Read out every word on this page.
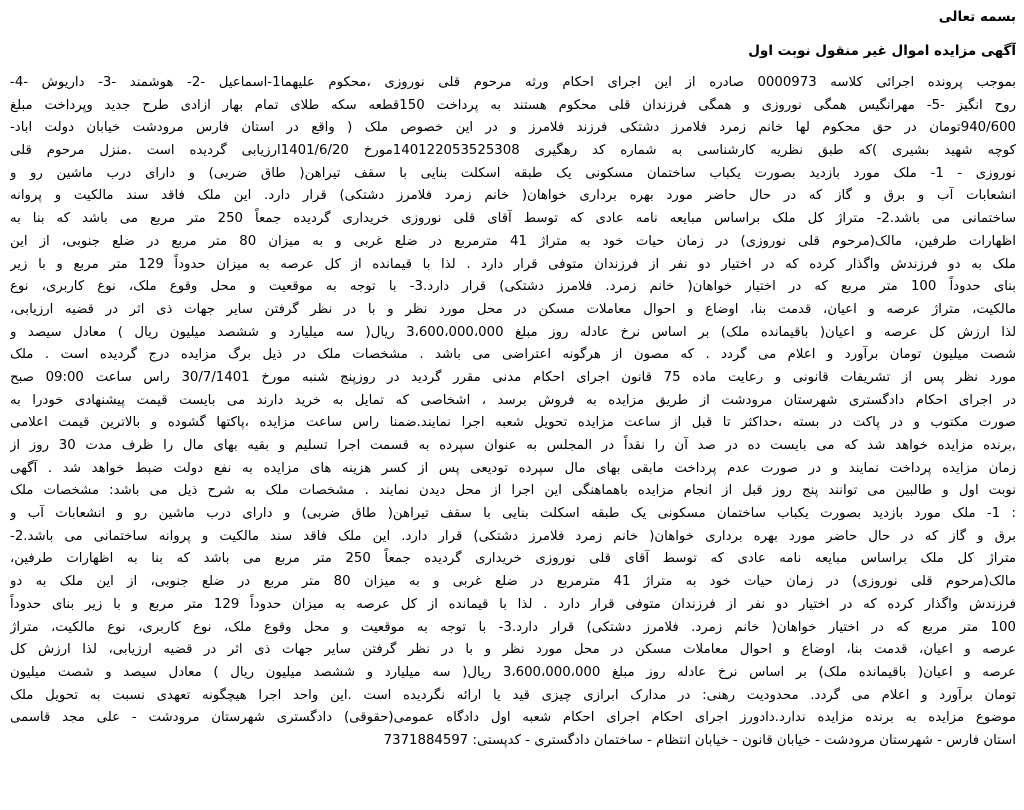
بسمه تعالی
آگهی مزایده اموال غیر منقول نوبت اول
بموجب پرونده اجرائی کلاسه 0000973 صادره از این اجرای احکام ورثه مرحوم قلی نوروزی ،محکوم علیهما1-اسماعیل -2- هوشمند -3- داریوش -4-
روح انگیز -5- مهرانگیس همگی نوروزی و همگی فرزندان قلی محکوم هستند به پرداخت 150قطعه سکه طلای تمام بهار ازادی طرح جدید وپرداخت مبلغ
940/600تومان در حق محکوم لها خانم زمرد فلامرز دشتکی فرزند فلامرز و در این خصوص ملک ( واقع در استان فارس مرودشت خیابان دولت اباد-
کوچه شهید بشیری )که طبق نظریه کارشناسی به شماره کد رهگیری 140122053525308مورخ 1401/6/20ارزیابی گردیده است .منزل مرحوم قلی
نوروزی - 1- ملک مورد بازدید بصورت یکباب ساختمان مسکونی یک طبقه اسکلت بنایی با سقف تیراهن( طاق ضربی) و دارای درب ماشین رو و
انشعابات آب و برق و گاز که در حال حاضر مورد بهره برداری خواهان( خانم زمرد فلامرز دشتکی) قرار دارد. این ملک فاقد سند مالکیت و پروانه
ساختمانی می باشد.2- متراژ کل ملک براساس مبایعه نامه عادی که توسط آقای قلی نوروزی خریداری گردیده جمعاً 250 متر مربع می باشد که بنا به
اظهارات طرفین، مالک(مرحوم قلی نوروزی) در زمان حیات خود به متراژ 41 مترمربع در ضلع غربی و به میزان 80 متر مربع در ضلع جنوبی، از این
ملک به دو فرزندش واگذار کرده که در اختیار دو نفر از فرزندان متوفی قرار دارد . لذا با قیمانده از کل عرصه به میزان حدوداً 129 متر مربع و با زیر
بنای حدوداً 100 متر مربع که در اختیار خواهان( خانم زمرد. فلامرز دشتکی) قرار دارد.3- با توجه به موقعیت و محل وقوع ملک، نوع کاربری، نوع
مالکیت، متراژ عرصه و اعیان، قدمت بنا، اوضاع و احوال معاملات مسکن در محل مورد نظر و با در نظر گرفتن سایر جهات ذی اثر در قضیه ارزیابی،
لذا ارزش کل عرصه و اعیان( باقیمانده ملک) بر اساس نرخ عادله روز مبلغ 3،600،000،000 ریال( سه میلیارد و ششصد میلیون ریال ) معادل سیصد و
شصت میلیون تومان برآورد و اعلام می گردد . که مصون از هرگونه اعتراضی می باشد . مشخصات ملک در ذیل برگ مزایده درج گردیده است . ملک
مورد نظر پس از تشریفات قانونی و رعایت ماده 75 قانون اجرای احکام مدنی مقرر گردید در روزپنج شنبه مورخ 30/7/1401 راس ساعت 09:00 صبح
در اجرای احکام دادگستری شهرستان مرودشت از طریق مزایده به فروش برسد ، اشخاصی که تمایل به خرید دارند می بایست قیمت پیشنهادی خودرا به
صورت مکتوب و در پاکت در بسته ،حداکثر تا قبل از ساعت مزایده تحویل شعبه اجرا نمایند.ضمنا راس ساعت مزایده ،پاکتها گشوده و بالاترین قیمت اعلامی
,برنده مزایده خواهد شد که می بایست ده در صد آن را نقداً در المجلس به عنوان سپرده به قسمت اجرا تسلیم و بقیه بهای مال را ظرف مدت 30 روز از
زمان مزایده پرداخت نمایند و در صورت عدم پرداخت مابقی بهای مال سپرده تودیعی پس از کسر هزینه های مزایده به نفع دولت ضبط خواهد شد . آگهی
نوبت اول و طالبین می توانند پنج روز قبل از انجام مزایده باهماهنگی این اجرا از محل دیدن نمایند . مشخصات ملک به شرح ذیل می باشد: مشخصات ملک
: 1- ملک مورد بازدید بصورت یکباب ساختمان مسکونی یک طبقه اسکلت بنایی با سقف تیراهن( طاق ضربی) و دارای درب ماشین رو و انشعابات آب و
برق و گاز که در حال حاضر مورد بهره برداری خواهان( خانم زمرد فلامرز دشتکی) قرار دارد. این ملک فاقد سند مالکیت و پروانه ساختمانی می باشد.2-
متراژ کل ملک براساس مبایعه نامه عادی که توسط آقای قلی نوروزی خریداری گردیده جمعاً 250 متر مربع می باشد که بنا به اظهارات طرفین،
مالک(مرحوم قلی نوروزی) در زمان حیات خود به متراژ 41 مترمربع در ضلع غربی و به میزان 80 متر مربع در ضلع جنوبی، از این ملک به دو
فرزندش واگذار کرده که در اختیار دو نفر از فرزندان متوفی قرار دارد . لذا با قیمانده از کل عرصه به میزان حدوداً 129 متر مربع و با زیر بنای حدوداً
100 متر مربع که در اختیار خواهان( خانم زمرد. فلامرز دشتکی) قرار دارد.3- با توجه به موقعیت و محل وقوع ملک، نوع کاربری، نوع مالکیت، متراژ
عرصه و اعیان، قدمت بنا، اوضاع و احوال معاملات مسکن در محل مورد نظر و با در نظر گرفتن سایر جهات ذی اثر در قضیه ارزیابی، لذا ارزش کل
عرصه و اعیان( باقیمانده ملک) بر اساس نرخ عادله روز مبلغ 3،600،000،000 ریال( سه میلیارد و ششصد میلیون ریال ) معادل سیصد و شصت میلیون
تومان برآورد و اعلام می گردد. محدودیت رهنی: در مدارک ابرازی چیزی قید یا ارائه نگردیده است .این واحد اجرا هیچگونه تعهدی نسبت به تحویل ملک
موضوع مزایده به برنده مزایده ندارد.دادورز اجرای احکام اجرای احکام شعبه اول دادگاه عمومی(حقوقی) دادگستری شهرستان مرودشت - علی مجد قاسمی
استان فارس - شهرستان مرودشت - خیابان قانون - خیابان انتظام - ساختمان دادگستری - کدپستی: 7371884597
